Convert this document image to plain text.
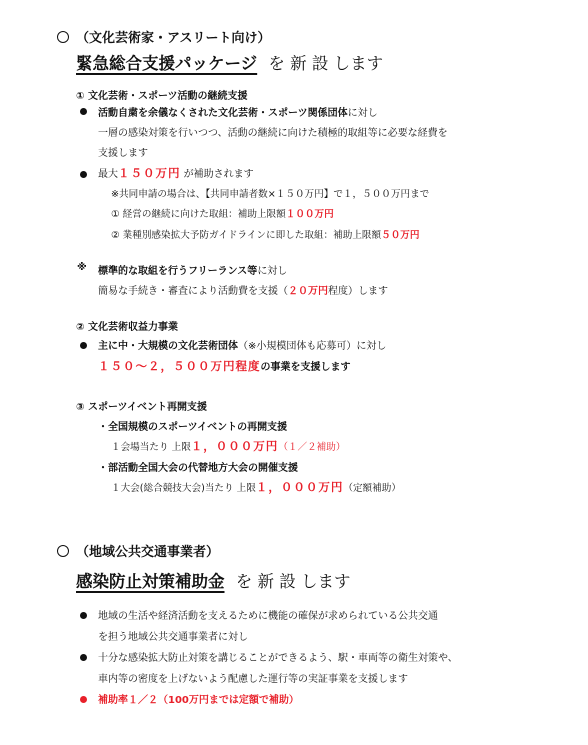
（文化芸術家・アスリート向け）
緊急総合支援パッケージ を 新 設 します
① 文化芸術・スポーツ活動の継続支援
活動自粛を余儀なくされた文化芸術・スポーツ関係団体に対し
一層の感染対策を行いつつ、活動の継続に向けた積極的取組等に必要な経費を
支援します
最大１５０万円 が補助されます
※共同申請の場合は、【共同申請者数×１５０万円】で１，５００万円まで
① 経営の継続に向けた取組：補助上限額１００万円
② 業種別感染拡大予防ガイドラインに即した取組：補助上限額５０万円
※ 標準的な取組を行うフリーランス等に対し
簡易な手続き・審査により活動費を支援（２０万円程度）します
② 文化芸術収益力事業
主に中・大規模の文化芸術団体（※小規模団体も応募可）に対し
１５０～２，５００万円程度の事業を支援します
③ スポーツイベント再開支援
・全国規模のスポーツイベントの再開支援
１会場当たり 上限１，０００万円（１／２補助）
・部活動全国大会の代替地方大会の開催支援
１大会(総合競技大会)当たり 上限１，０００万円（定額補助）
（地域公共交通事業者）
感染防止対策補助金 を 新 設 します
地域の生活や経済活動を支えるために機能の確保が求められている公共交通
を担う地域公共交通事業者に対し
十分な感染拡大防止対策を講じることができるよう、駅・車両等の衛生対策や、
車内等の密度を上げないよう配慮した運行等の実証事業を支援します
補助率１／２（100万円までは定額で補助）
